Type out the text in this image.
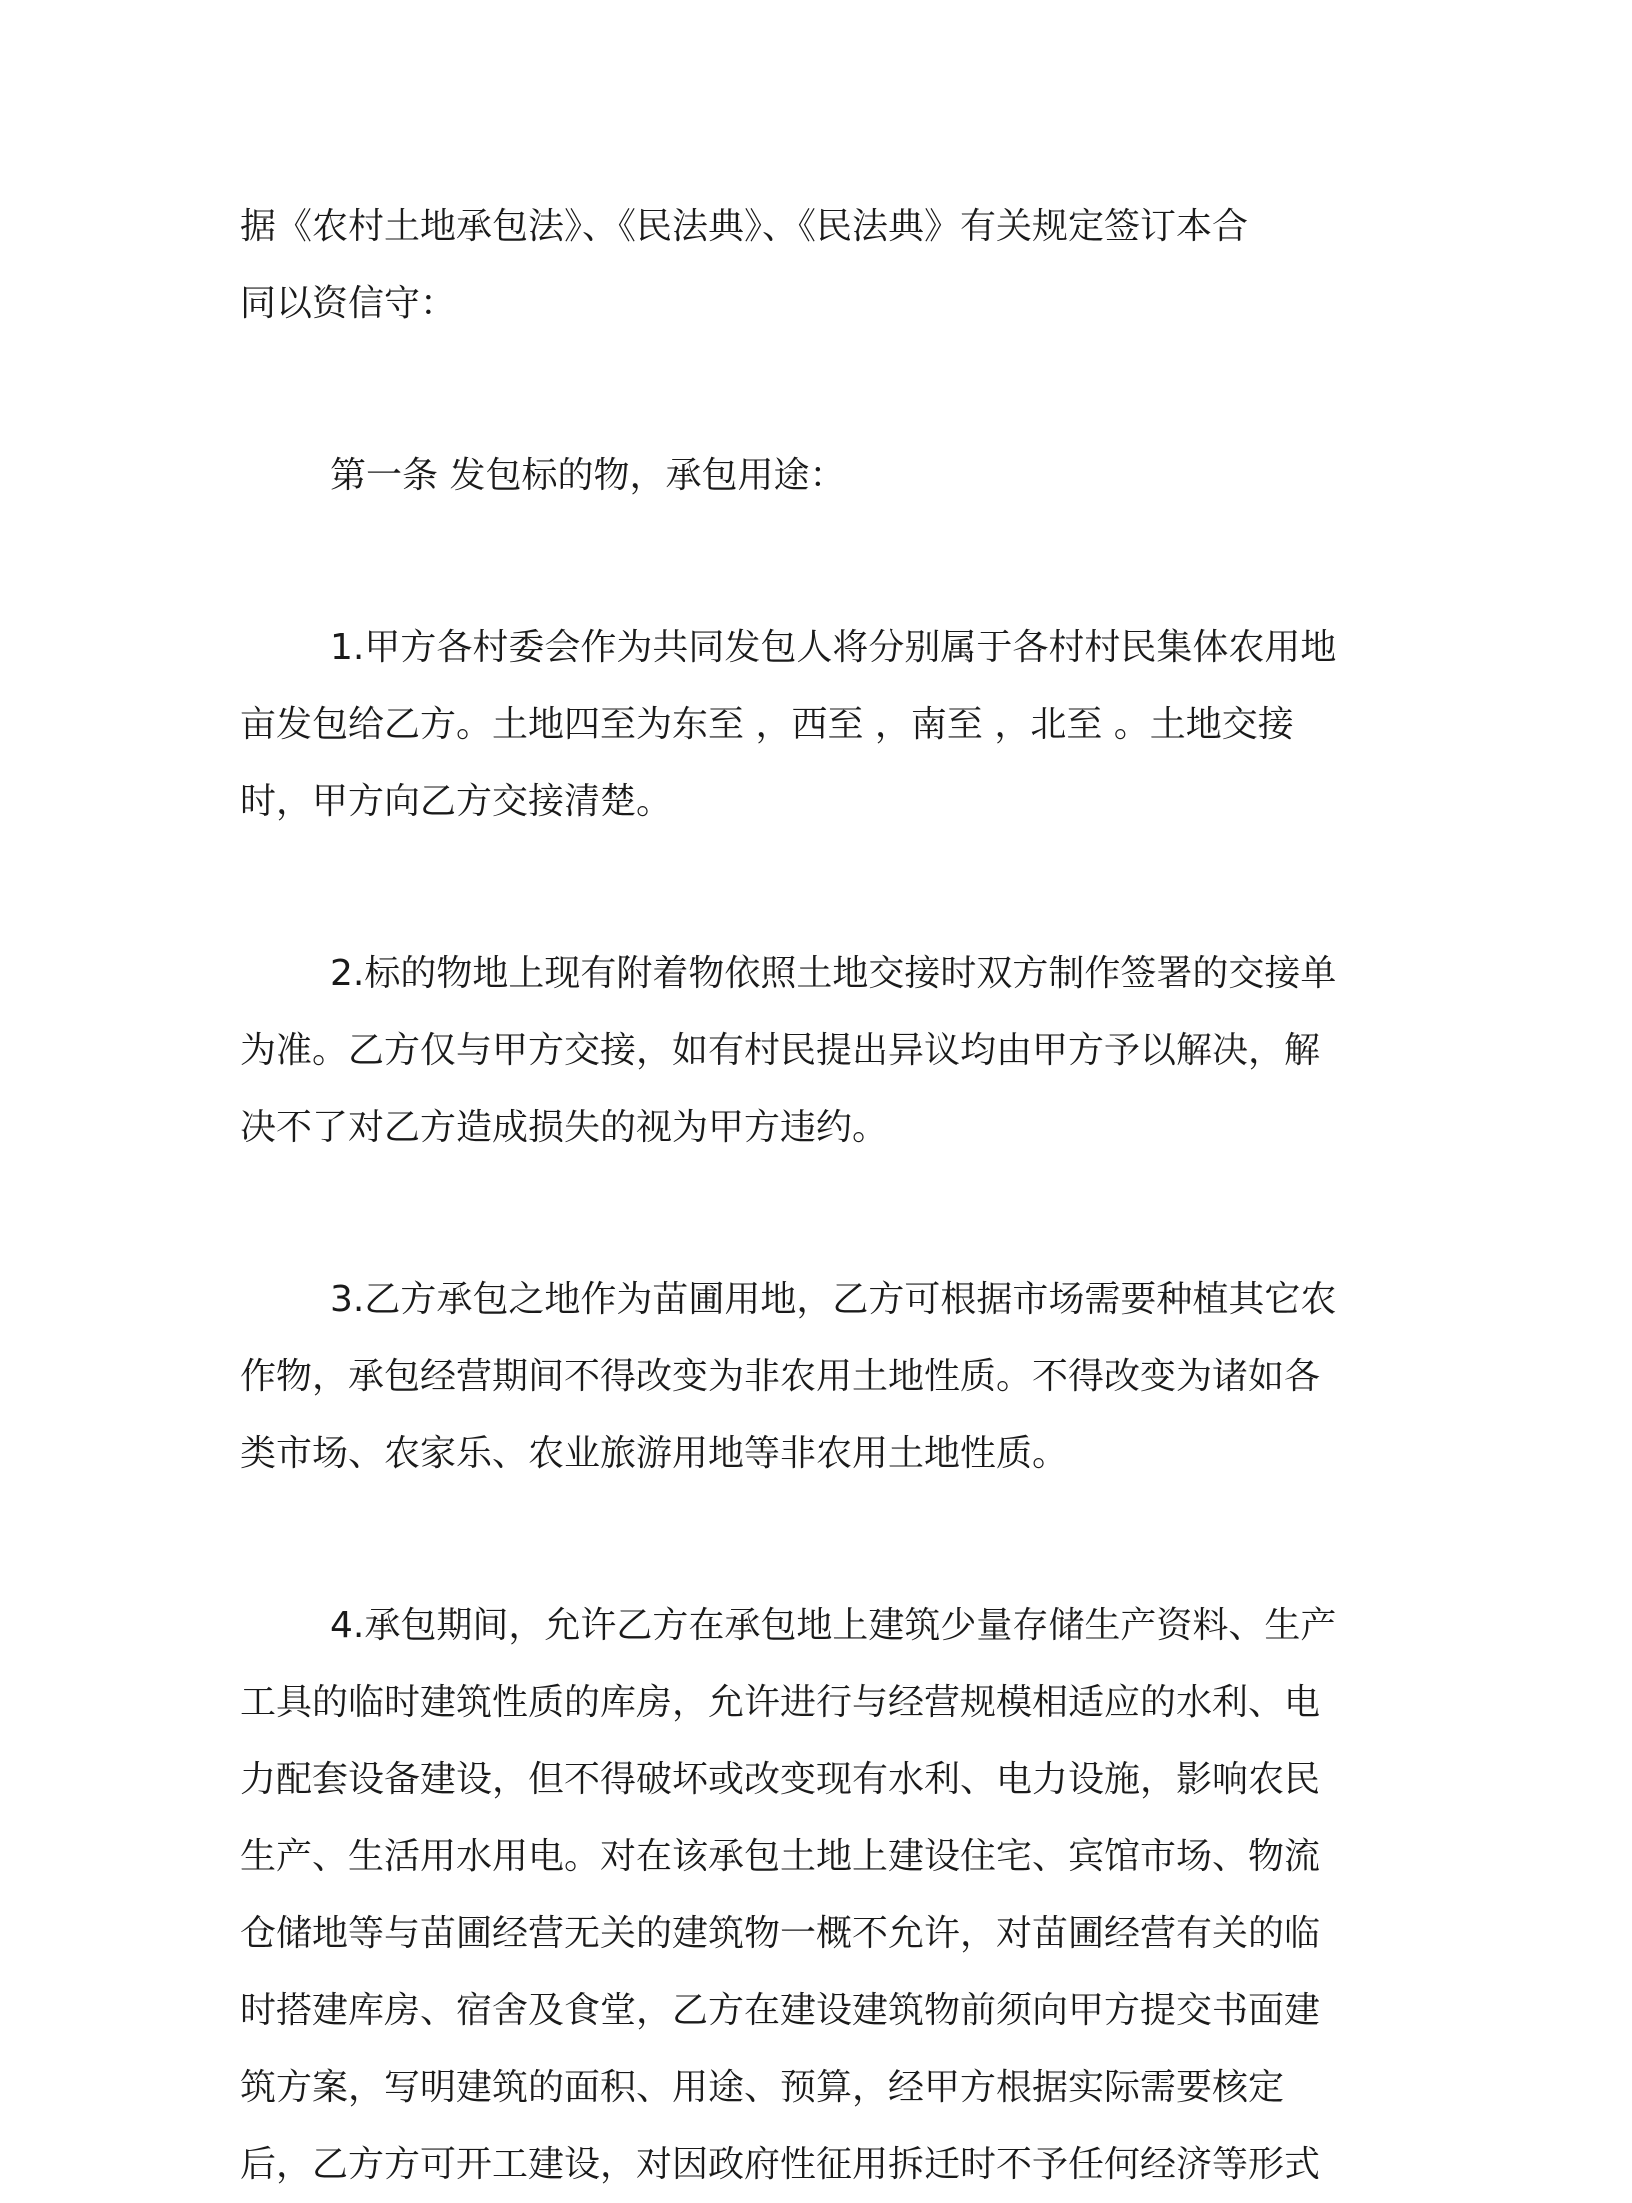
据《农村土地承包法》、《民法典》、《民法典》有关规定签订本合
同以资信守：
第一条 发包标的物，承包用途：
1.甲方各村委会作为共同发包人将分别属于各村村民集体农用地
亩发包给乙方。土地四至为东至 ，西至 ，南至 ，北至 。土地交接
时，甲方向乙方交接清楚。
2.标的物地上现有附着物依照土地交接时双方制作签署的交接单
为准。乙方仅与甲方交接，如有村民提出异议均由甲方予以解决，解
决不了对乙方造成损失的视为甲方违约。
3.乙方承包之地作为苗圃用地，乙方可根据市场需要种植其它农
作物，承包经营期间不得改变为非农用土地性质。不得改变为诸如各
类市场、农家乐、农业旅游用地等非农用土地性质。
4.承包期间，允许乙方在承包地上建筑少量存储生产资料、生产
工具的临时建筑性质的库房，允许进行与经营规模相适应的水利、电
力配套设备建设，但不得破坏或改变现有水利、电力设施，影响农民
生产、生活用水用电。对在该承包土地上建设住宅、宾馆市场、物流
仓储地等与苗圃经营无关的建筑物一概不允许，对苗圃经营有关的临
时搭建库房、宿舍及食堂，乙方在建设建筑物前须向甲方提交书面建
筑方案，写明建筑的面积、用途、预算，经甲方根据实际需要核定
后，乙方方可开工建设，对因政府性征用拆迁时不予任何经济等形式
